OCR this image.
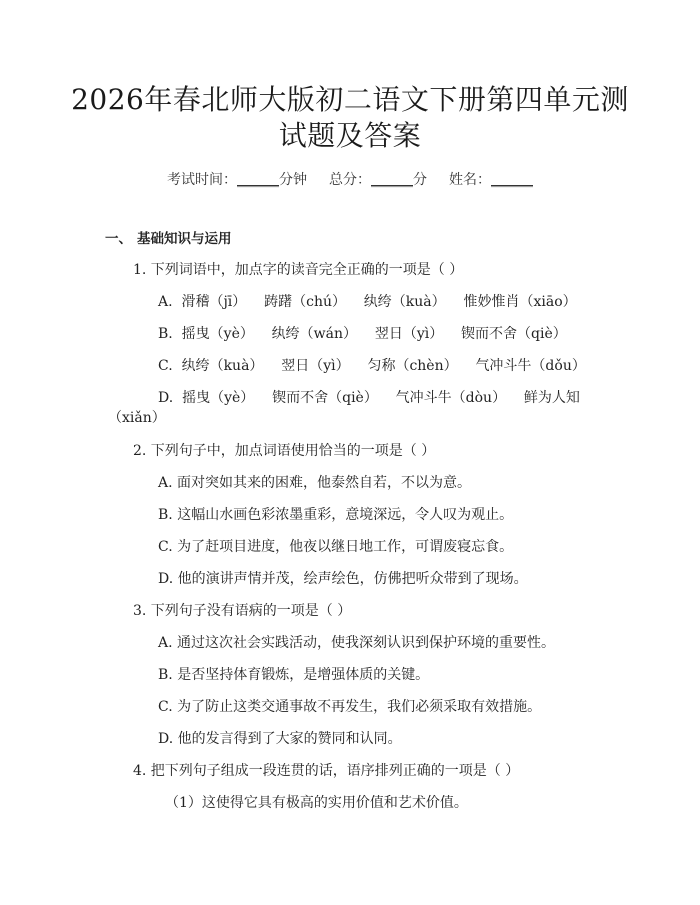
2026年春北师大版初二语文下册第四单元测
试题及答案
考试时间：______分钟 总分：______分 姓名：______
一、 基础知识与运用
1. 下列词语中，加点字的读音完全正确的一项是（ ）
A. 滑稽（jī） 踌躇（chú） 纨绔（kuà） 惟妙惟肖（xiāo）
B. 摇曳（yè） 纨绔（wán） 翌日（yì） 锲而不舍（qiè）
C. 纨绔（kuà） 翌日（yì） 匀称（chèn） 气冲斗牛（dǒu）
D. 摇曳（yè） 锲而不舍（qiè） 气冲斗牛（dòu） 鲜为人知
（xiǎn）
2. 下列句子中，加点词语使用恰当的一项是（ ）
A. 面对突如其来的困难，他泰然自若，不以为意。
B. 这幅山水画色彩浓墨重彩，意境深远，令人叹为观止。
C. 为了赶项目进度，他夜以继日地工作，可谓废寝忘食。
D. 他的演讲声情并茂，绘声绘色，仿佛把听众带到了现场。
3. 下列句子没有语病的一项是（ ）
A. 通过这次社会实践活动，使我深刻认识到保护环境的重要性。
B. 是否坚持体育锻炼，是增强体质的关键。
C. 为了防止这类交通事故不再发生，我们必须采取有效措施。
D. 他的发言得到了大家的赞同和认同。
4. 把下列句子组成一段连贯的话，语序排列正确的一项是（ ）
（1）这使得它具有极高的实用价值和艺术价值。
